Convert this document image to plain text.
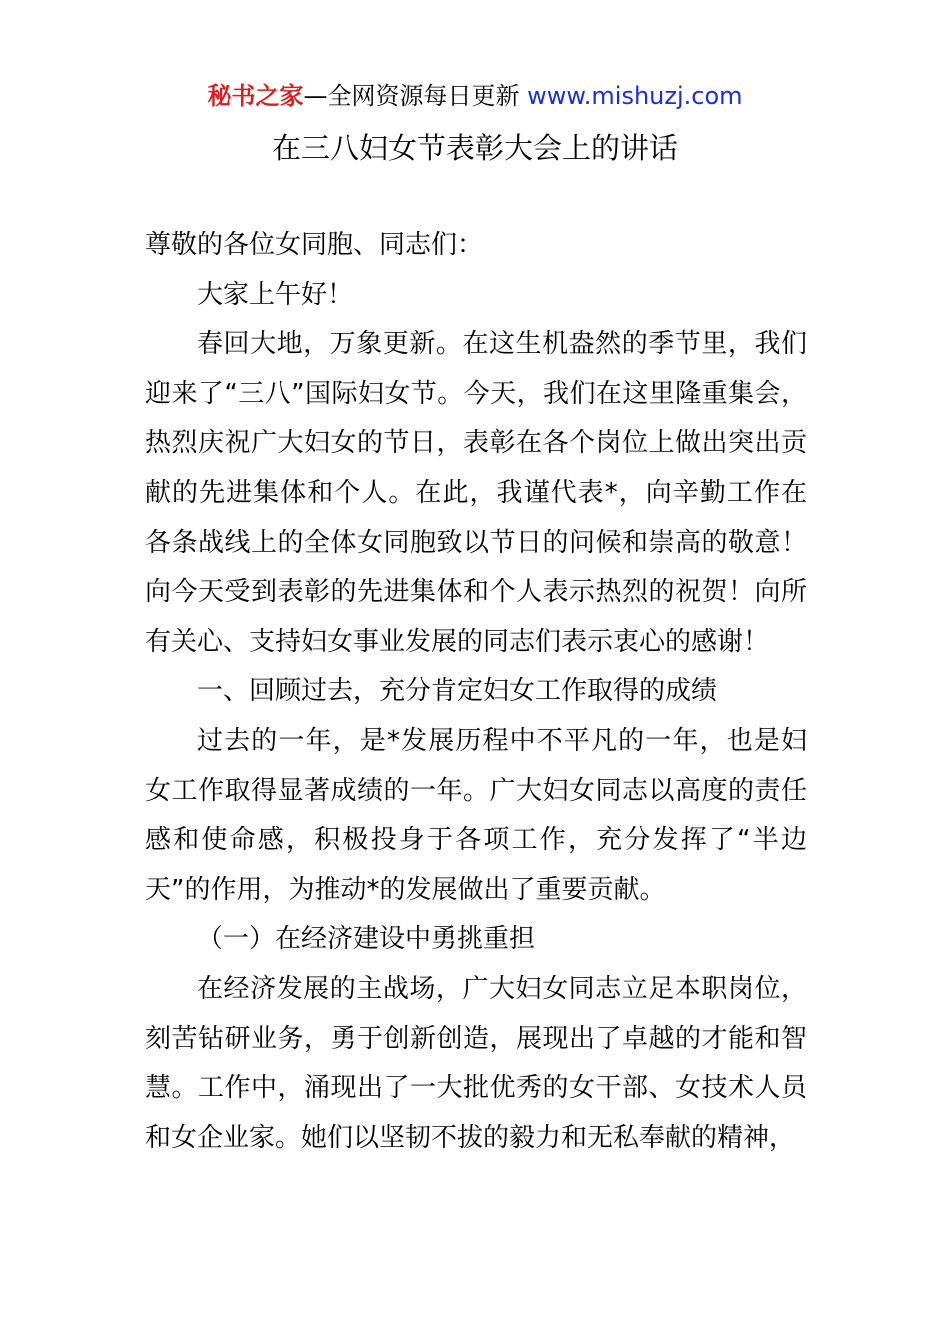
秘书之家—全网资源每日更新 www.mishuzj.com
在三八妇女节表彰大会上的讲话

尊敬的各位女同胞、同志们：

大家上午好！

春回大地，万象更新。在这生机盎然的季节里，我们迎来了“三八”国际妇女节。今天，我们在这里隆重集会，热烈庆祝广大妇女的节日，表彰在各个岗位上做出突出贡献的先进集体和个人。在此，我谨代表*，向辛勤工作在各条战线上的全体女同胞致以节日的问候和崇高的敬意！向今天受到表彰的先进集体和个人表示热烈的祝贺！向所有关心、支持妇女事业发展的同志们表示衷心的感谢！

一、回顾过去，充分肯定妇女工作取得的成绩

过去的一年，是*发展历程中不平凡的一年，也是妇女工作取得显著成绩的一年。广大妇女同志以高度的责任感和使命感，积极投身于各项工作，充分发挥了“半边天”的作用，为推动*的发展做出了重要贡献。

（一）在经济建设中勇挑重担

在经济发展的主战场，广大妇女同志立足本职岗位，刻苦钻研业务，勇于创新创造，展现出了卓越的才能和智慧。工作中，涌现出了一大批优秀的女干部、女技术人员和女企业家。她们以坚韧不拔的毅力和无私奉献的精神，
